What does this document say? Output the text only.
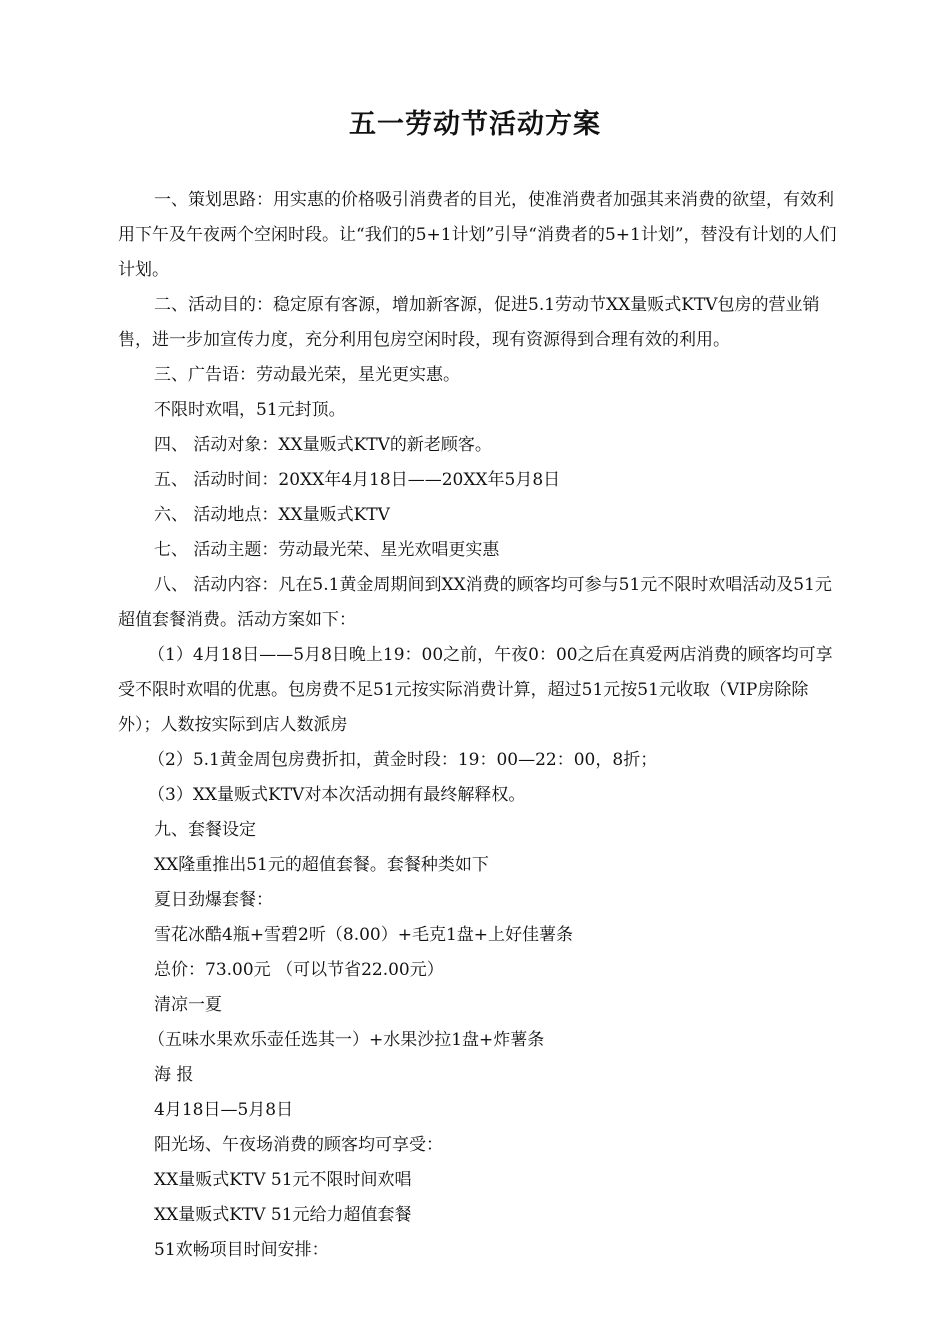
五一劳动节活动方案

一、策划思路：用实惠的价格吸引消费者的目光，使准消费者加强其来消费的欲望，有效利用下午及午夜两个空闲时段。让“我们的5+1计划”引导“消费者的5+1计划”，替没有计划的人们计划。

二、活动目的：稳定原有客源，增加新客源，促进5.1劳动节XX量贩式KTV包房的营业销售，进一步加宣传力度，充分利用包房空闲时段，现有资源得到合理有效的利用。

三、广告语：劳动最光荣，星光更实惠。

不限时欢唱，51元封顶。

四、 活动对象：XX量贩式KTV的新老顾客。

五、 活动时间：20XX年4月18日——20XX年5月8日

六、 活动地点：XX量贩式KTV

七、 活动主题：劳动最光荣、星光欢唱更实惠

八、 活动内容：凡在5.1黄金周期间到XX消费的顾客均可参与51元不限时欢唱活动及51元超值套餐消费。活动方案如下：

（1）4月18日——5月8日晚上19：00之前，午夜0：00之后在真爱两店消费的顾客均可享受不限时欢唱的优惠。包房费不足51元按实际消费计算，超过51元按51元收取（VIP房除除外）；人数按实际到店人数派房

（2）5.1黄金周包房费折扣，黄金时段：19：00—22：00，8折；

（3）XX量贩式KTV对本次活动拥有最终解释权。

九、套餐设定

XX隆重推出51元的超值套餐。套餐种类如下

夏日劲爆套餐：

雪花冰酷4瓶+雪碧2听（8.00）+毛克1盘+上好佳薯条

总价：73.00元 （可以节省22.00元）

清凉一夏

（五味水果欢乐壶任选其一）+水果沙拉1盘+炸薯条

海 报

4月18日—5月8日

阳光场、午夜场消费的顾客均可享受：

XX量贩式KTV 51元不限时间欢唱

XX量贩式KTV 51元给力超值套餐

51欢畅项目时间安排：
